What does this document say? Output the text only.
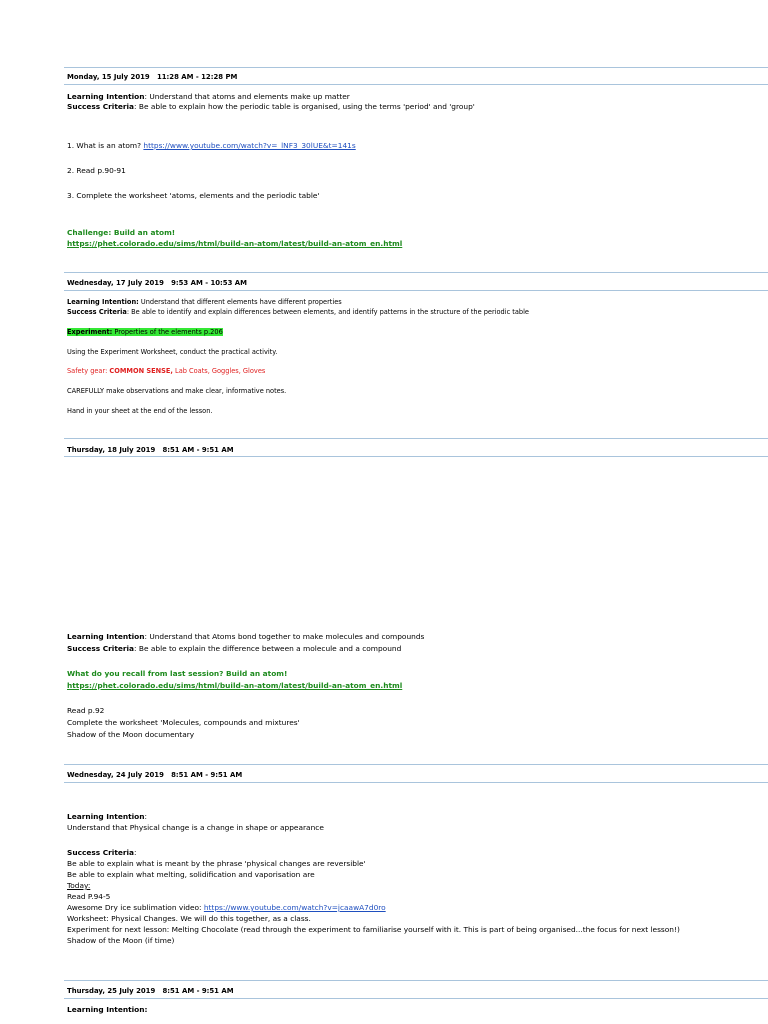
Monday, 15 July 2019 11:28 AM - 12:28 PM
Learning Intention: Understand that atoms and elements make up matter
Success Criteria: Be able to explain how the periodic table is organised, using the terms 'period' and 'group'
1. What is an atom? https://www.youtube.com/watch?v=_lNF3_30lUE&t=141s
2. Read p.90-91
3. Complete the worksheet 'atoms, elements and the periodic table'
Challenge: Build an atom!
https://phet.colorado.edu/sims/html/build-an-atom/latest/build-an-atom_en.html
Wednesday, 17 July 2019 9:53 AM - 10:53 AM
Learning Intention: Understand that different elements have different properties
Success Criteria: Be able to identify and explain differences between elements, and identify patterns in the structure of the periodic table
Experiment: Properties of the elements p.206
Using the Experiment Worksheet, conduct the practical activity.
Safety gear: COMMON SENSE, Lab Coats, Goggles, Gloves
CAREFULLY make observations and make clear, informative notes.
Hand in your sheet at the end of the lesson.
Thursday, 18 July 2019 8:51 AM - 9:51 AM
Learning Intention: Understand that Atoms bond together to make molecules and compounds
Success Criteria: Be able to explain the difference between a molecule and a compound
What do you recall from last session? Build an atom!
https://phet.colorado.edu/sims/html/build-an-atom/latest/build-an-atom_en.html
Read p.92
Complete the worksheet 'Molecules, compounds and mixtures'
Shadow of the Moon documentary
Wednesday, 24 July 2019 8:51 AM - 9:51 AM
Learning Intention:
Understand that Physical change is a change in shape or appearance
Success Criteria:
Be able to explain what is meant by the phrase 'physical changes are reversible'
Be able to explain what melting, solidification and vaporisation are
Today:
Read P.94-5
Awesome Dry ice sublimation video: https://www.youtube.com/watch?v=jcaawA7d0ro
Worksheet: Physical Changes. We will do this together, as a class.
Experiment for next lesson: Melting Chocolate (read through the experiment to familiarise yourself with it. This is part of being organised...the focus for next lesson!)
Shadow of the Moon (if time)
Thursday, 25 July 2019 8:51 AM - 9:51 AM
Learning Intention:
